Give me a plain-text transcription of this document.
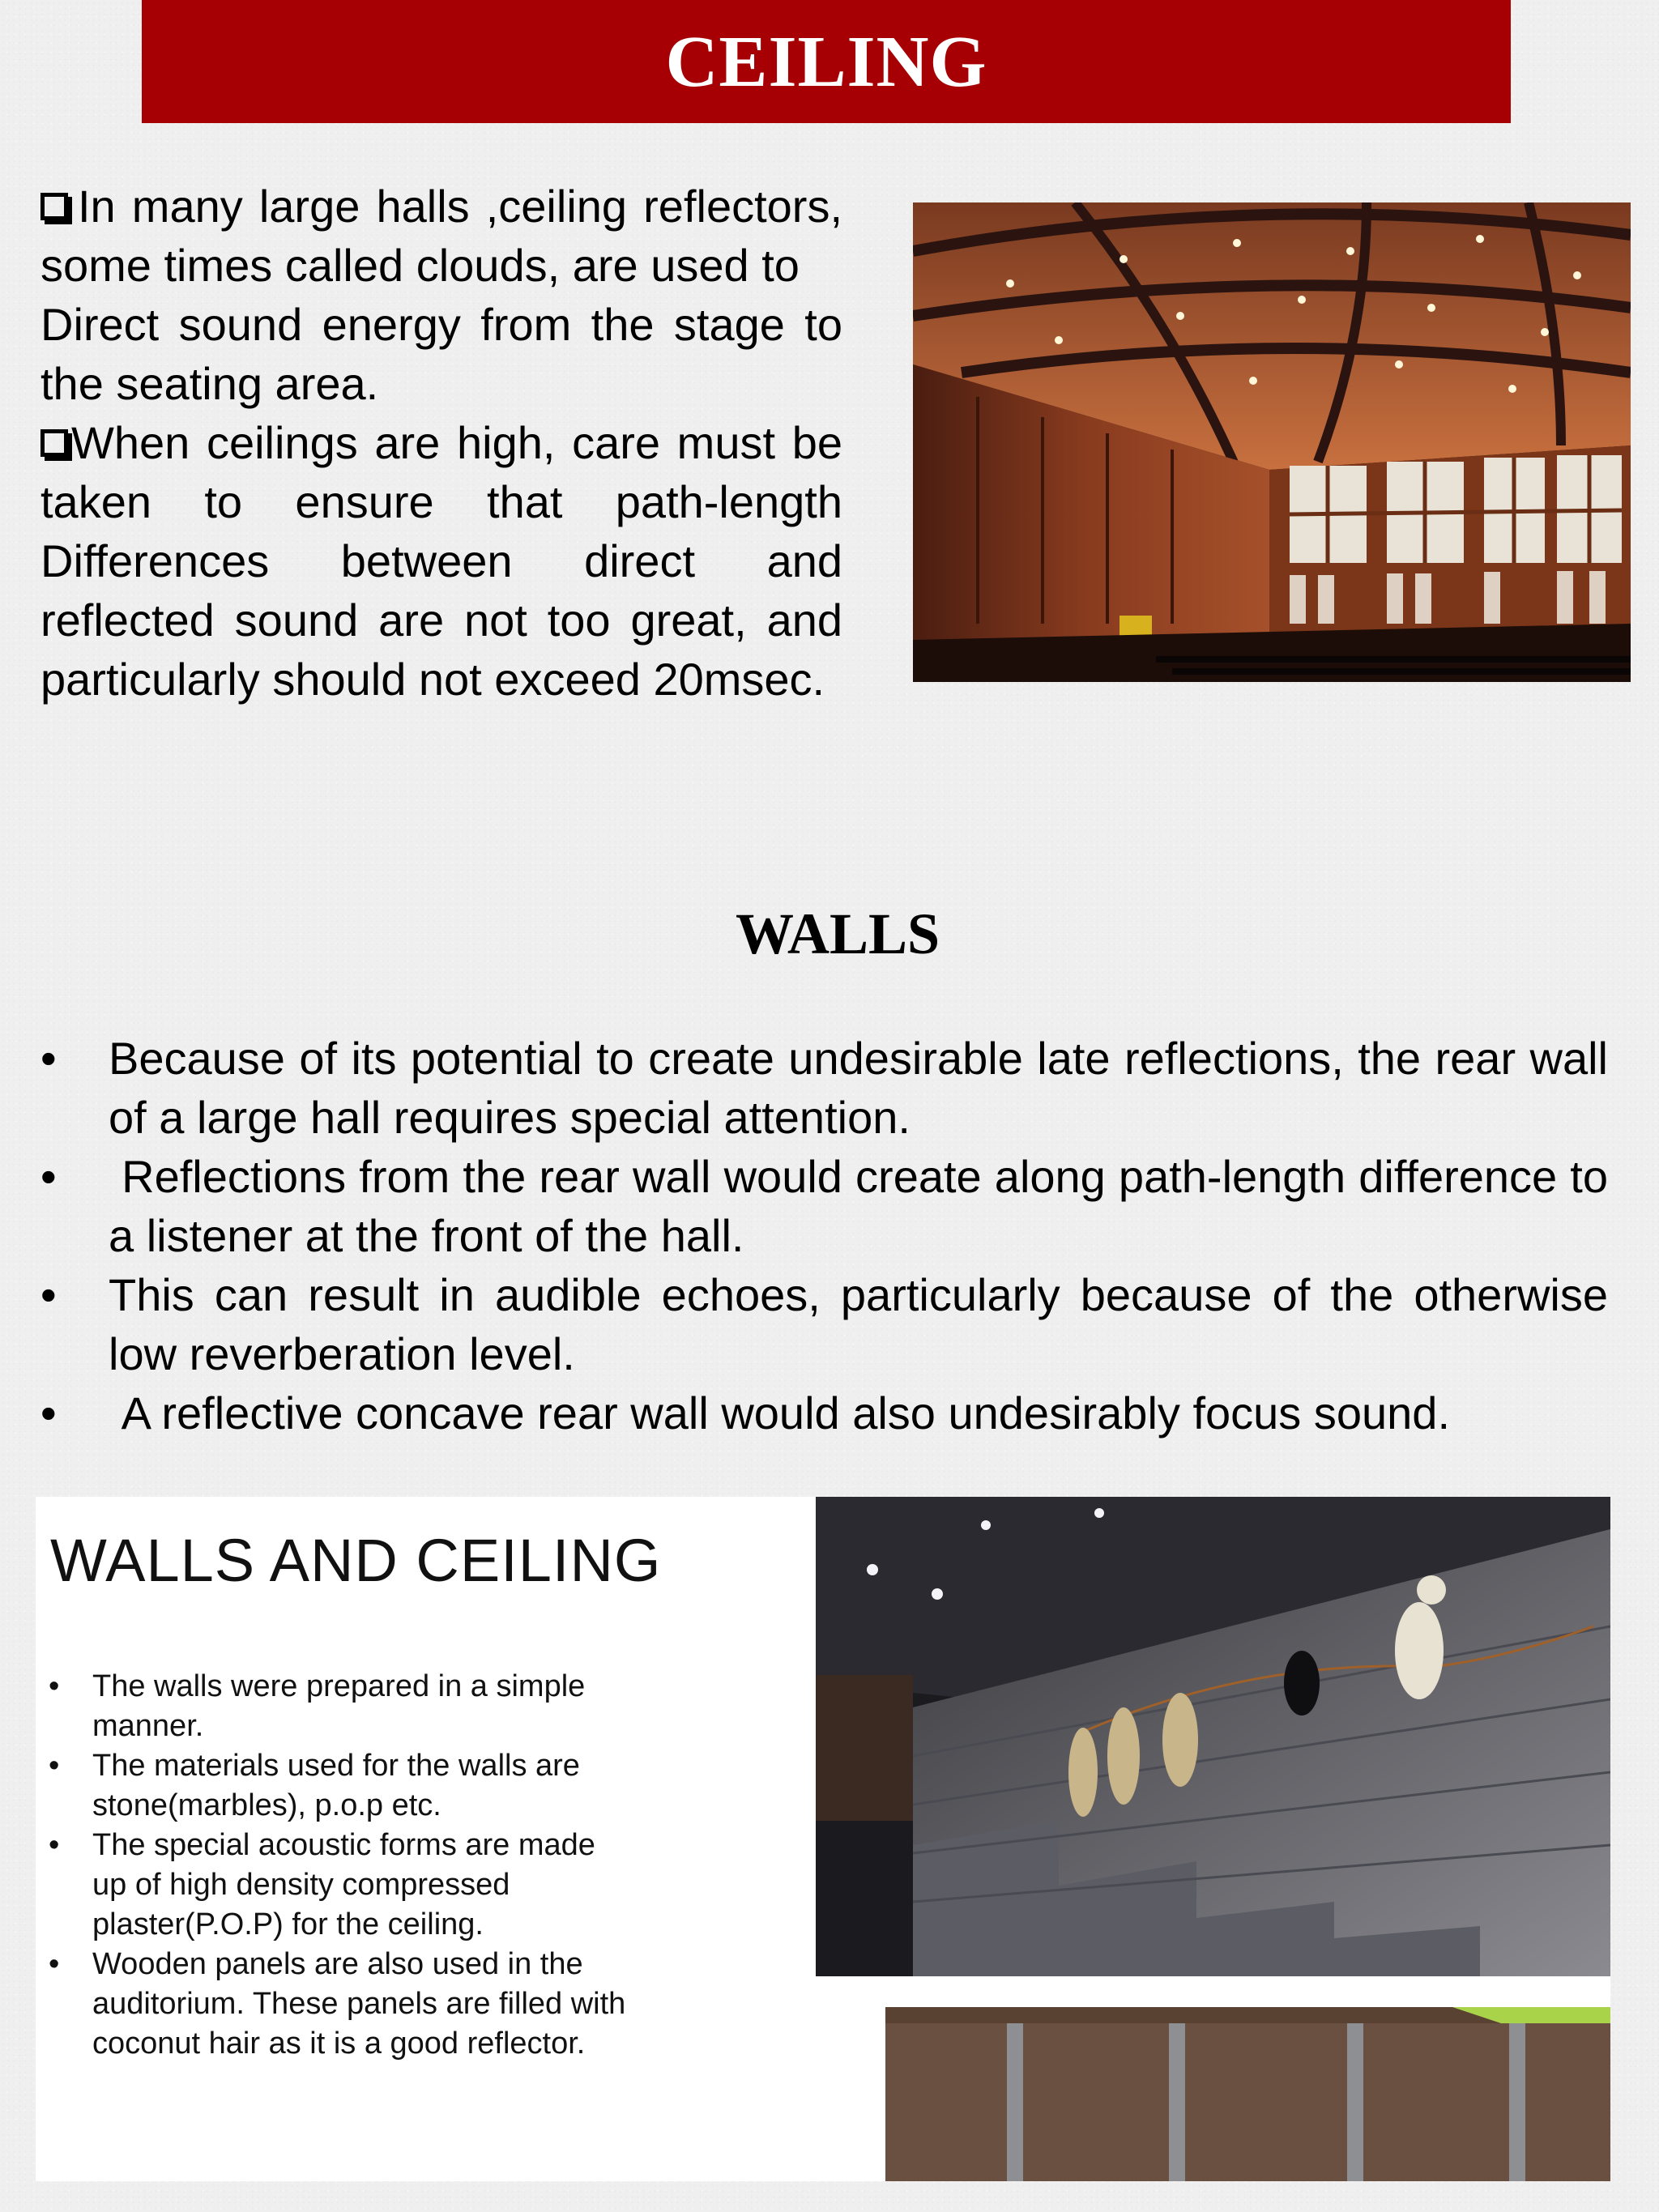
CEILING

In many large halls ,ceiling reflectors, some times called clouds, are used to

Direct sound energy from the stage to the seating area.

When ceilings are high, care must be taken to ensure that path-length Differences between direct and reflected sound are not too great, and particularly should not exceed 20msec.

WALLS
• Because of its potential to create undesirable late reflections, the rear wall of a large hall requires special attention.
• Reflections from the rear wall would create along path-length difference to a listener at the front of the hall.
• This can result in audible echoes, particularly because of the otherwise low reverberation level.
• A reflective concave rear wall would also undesirably focus sound.
WALLS AND CEILING
• The walls were prepared in a simple manner.
• The materials used for the walls are stone(marbles), p.o.p etc.
• The special acoustic forms are made up of high density compressed plaster(P.O.P) for the ceiling.
• Wooden panels are also used in the auditorium. These panels are filled with coconut hair as it is a good reflector.
